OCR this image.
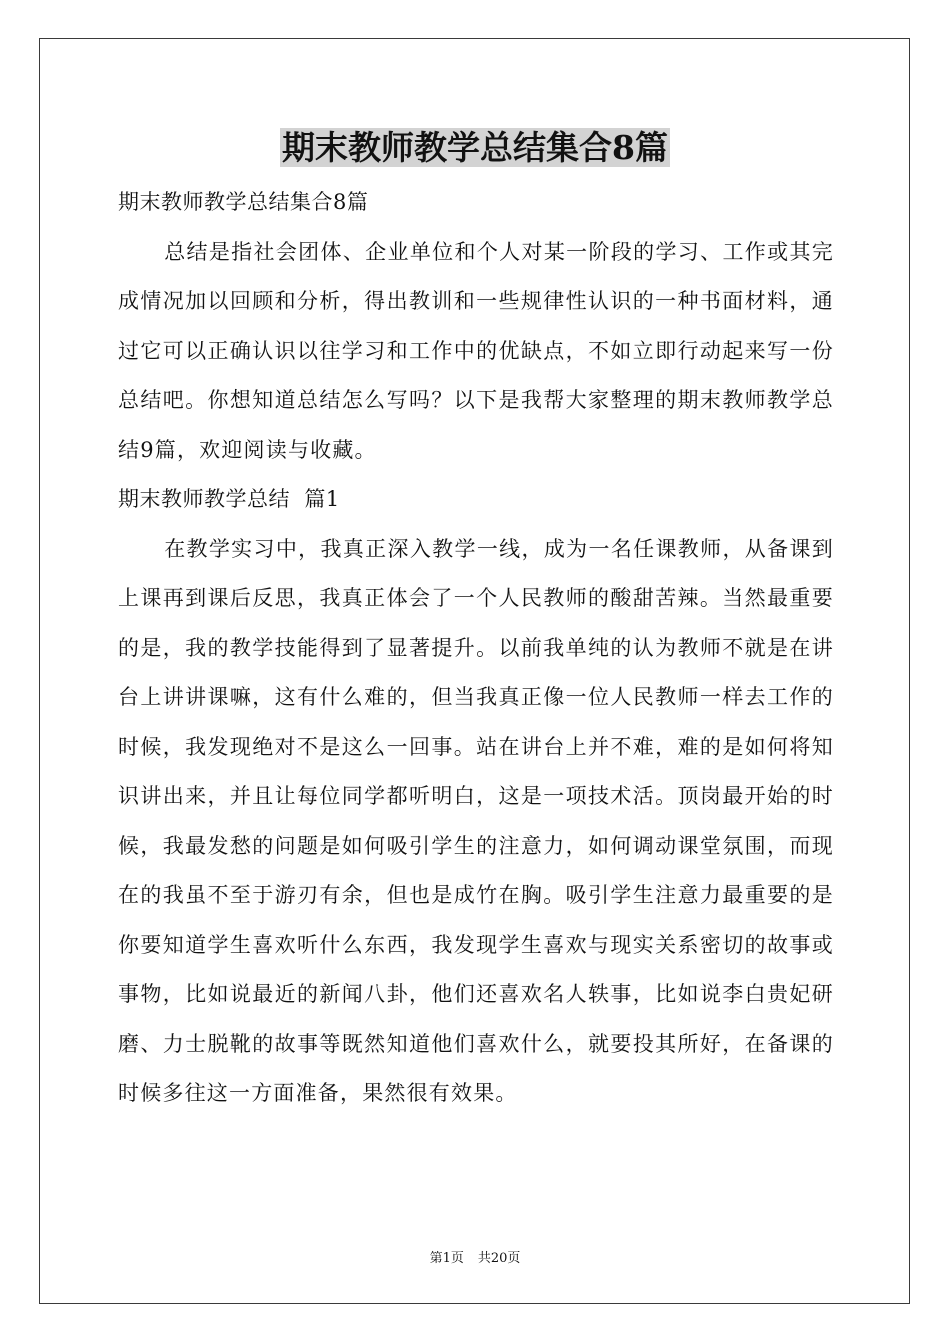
期末教师教学总结集合8篇

期末教师教学总结集合8篇

总结是指社会团体、企业单位和个人对某一阶段的学习、工作或其完成情况加以回顾和分析，得出教训和一些规律性认识的一种书面材料，通过它可以正确认识以往学习和工作中的优缺点，不如立即行动起来写一份总结吧。你想知道总结怎么写吗？以下是我帮大家整理的期末教师教学总结9篇，欢迎阅读与收藏。

期末教师教学总结  篇1

在教学实习中，我真正深入教学一线，成为一名任课教师，从备课到上课再到课后反思，我真正体会了一个人民教师的酸甜苦辣。当然最重要的是，我的教学技能得到了显著提升。以前我单纯的认为教师不就是在讲台上讲讲课嘛，这有什么难的，但当我真正像一位人民教师一样去工作的时候，我发现绝对不是这么一回事。站在讲台上并不难，难的是如何将知识讲出来，并且让每位同学都听明白，这是一项技术活。顶岗最开始的时候，我最发愁的问题是如何吸引学生的注意力，如何调动课堂氛围，而现在的我虽不至于游刃有余，但也是成竹在胸。吸引学生注意力最重要的是你要知道学生喜欢听什么东西，我发现学生喜欢与现实关系密切的故事或事物，比如说最近的新闻八卦，他们还喜欢名人轶事，比如说李白贵妃研磨、力士脱靴的故事等既然知道他们喜欢什么，就要投其所好，在备课的时候多往这一方面准备，果然很有效果。

第1页 共20页
